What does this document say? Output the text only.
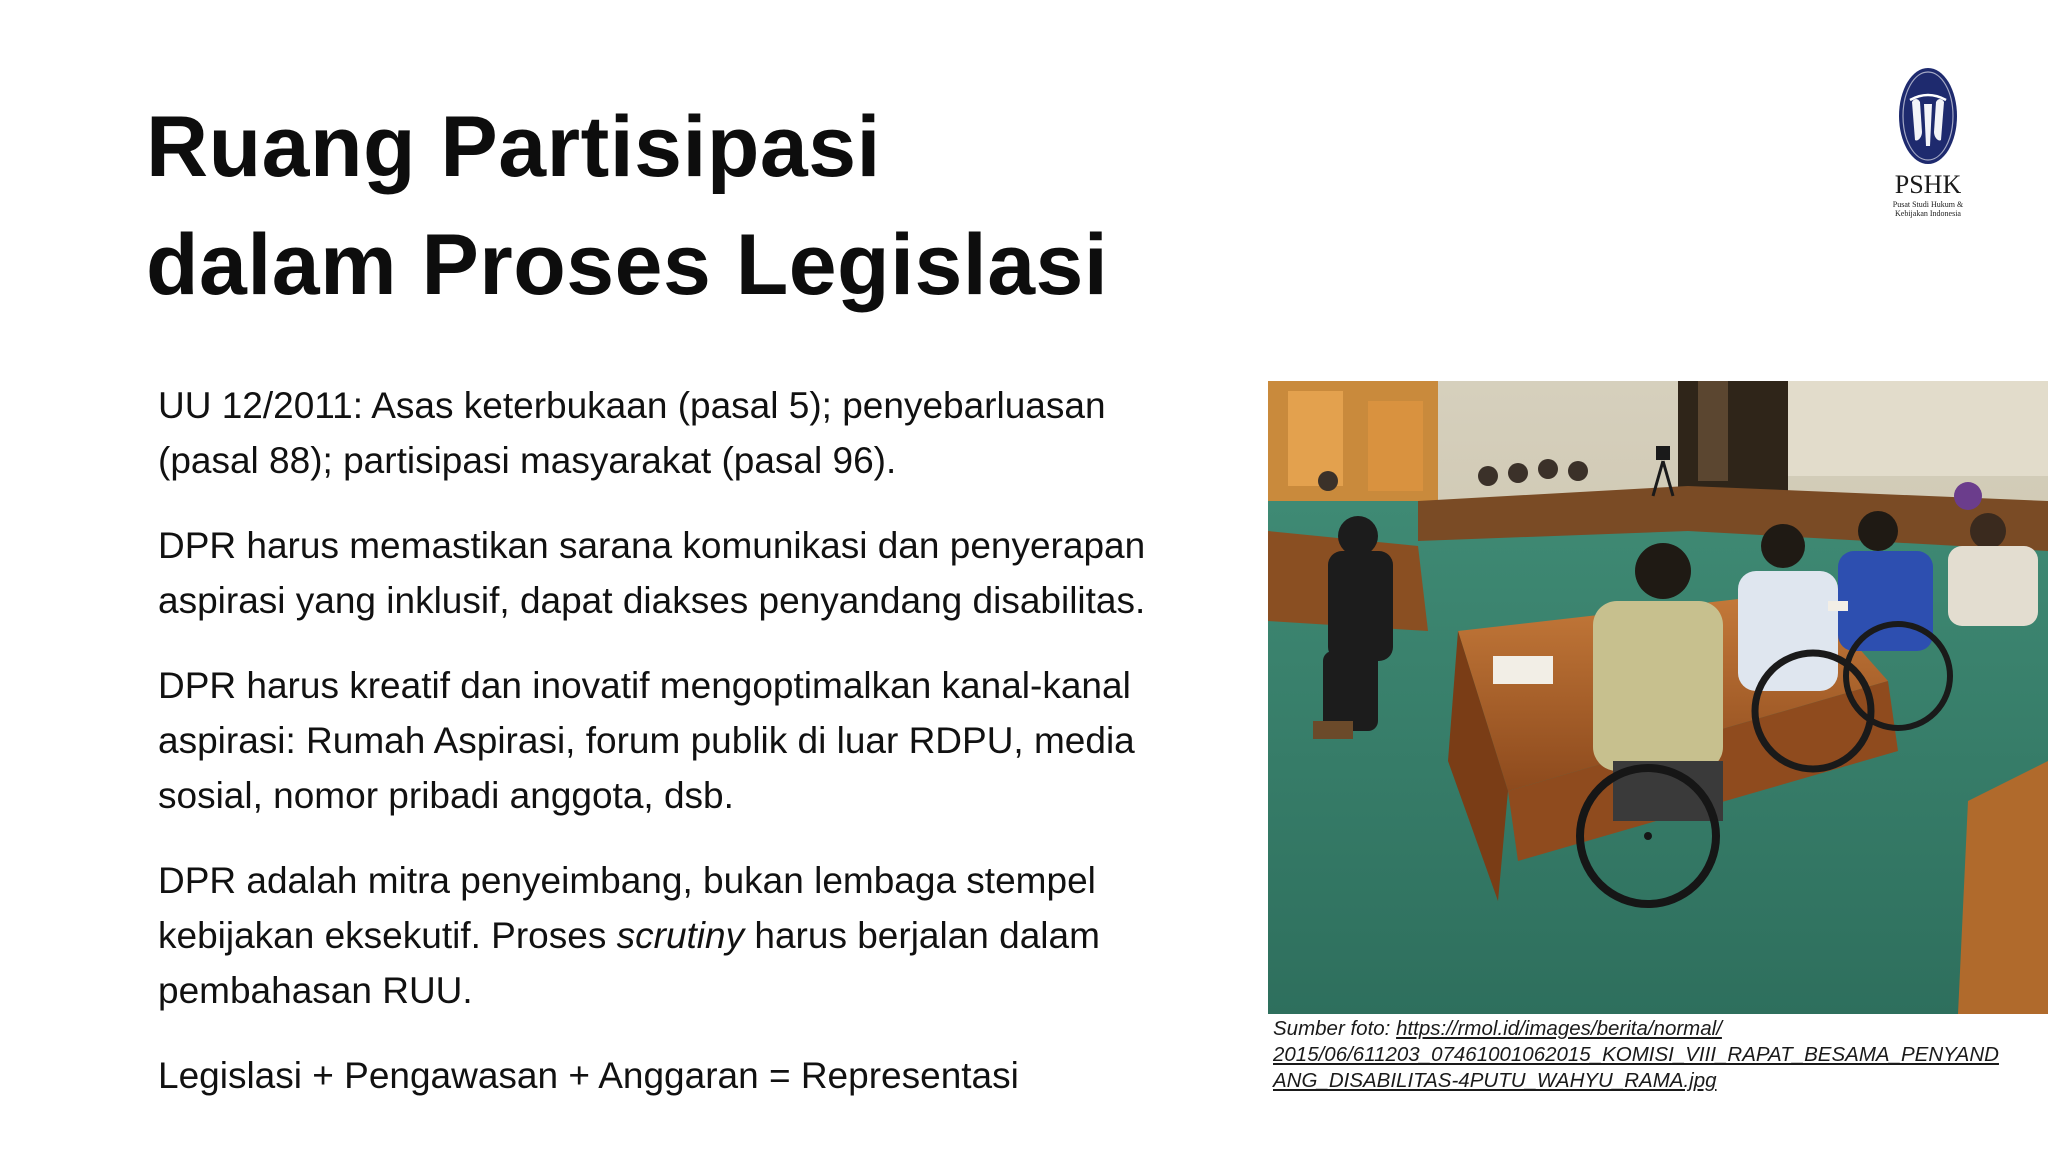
Ruang Partisipasi
dalam Proses Legislasi
PSHK
Pusat Studi Hukum &
Kebijakan Indonesia

UU 12/2011: Asas keterbukaan (pasal 5); penyebarluasan
(pasal 88); partisipasi masyarakat (pasal 96).

DPR harus memastikan sarana komunikasi dan penyerapan
aspirasi yang inklusif, dapat diakses penyandang disabilitas.

DPR harus kreatif dan inovatif mengoptimalkan kanal-kanal
aspirasi: Rumah Aspirasi, forum publik di luar RDPU, media
sosial, nomor pribadi anggota, dsb.

DPR adalah mitra penyeimbang, bukan lembaga stempel
kebijakan eksekutif. Proses scrutiny harus berjalan dalam
pembahasan RUU.

Legislasi + Pengawasan + Anggaran = Representasi

Sumber foto: https://rmol.id/images/berita/normal/
2015/06/611203_07461001062015_KOMISI_VIII_RAPAT_BESAMA_PENYAND
ANG_DISABILITAS-4PUTU_WAHYU_RAMA.jpg
